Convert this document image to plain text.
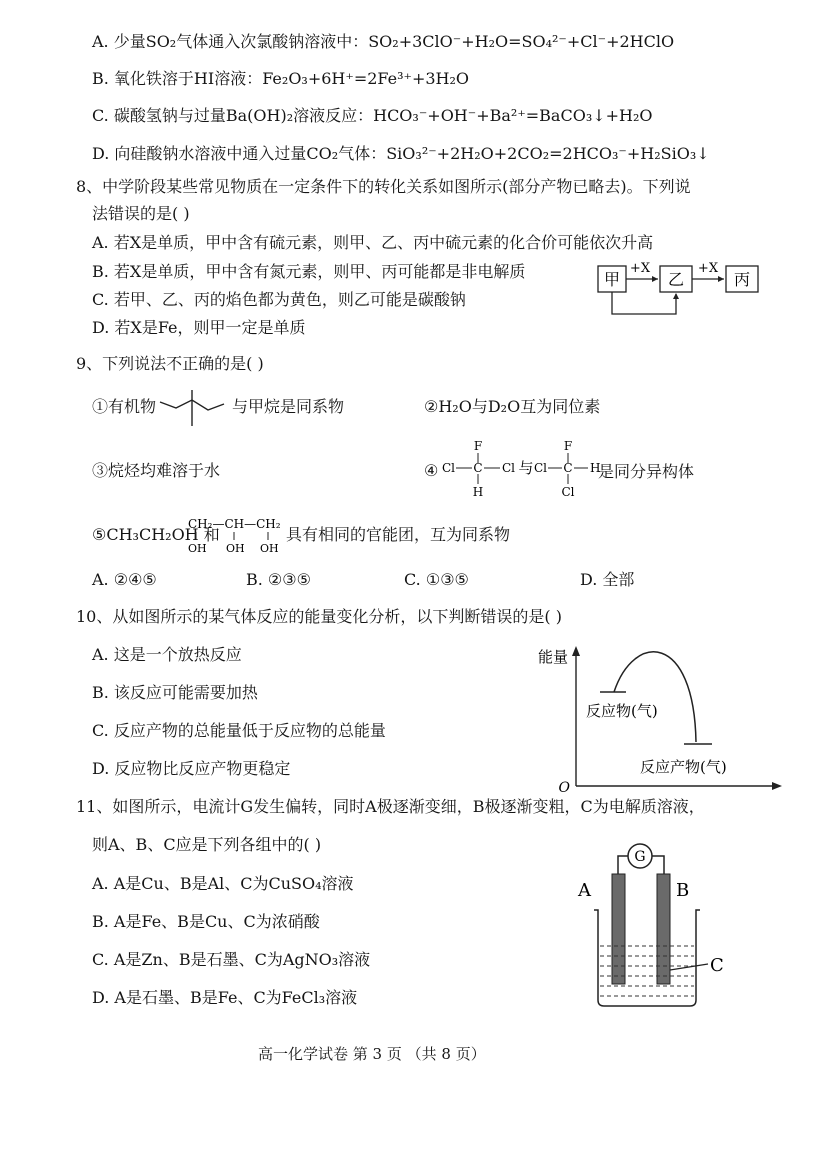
A. 少量SO₂气体通入次氯酸钠溶液中：SO₂+3ClO⁻+H₂O=SO₄²⁻+Cl⁻+2HClO
B. 氧化铁溶于HI溶液：Fe₂O₃+6H⁺=2Fe³⁺+3H₂O
C. 碳酸氢钠与过量Ba(OH)₂溶液反应：HCO₃⁻+OH⁻+Ba²⁺=BaCO₃↓+H₂O
D. 向硅酸钠水溶液中通入过量CO₂气体：SiO₃²⁻+2H₂O+2CO₂=2HCO₃⁻+H₂SiO₃↓
8、中学阶段某些常见物质在一定条件下的转化关系如图所示(部分产物已略去)。下列说
法错误的是( )
A. 若X是单质，甲中含有硫元素，则甲、乙、丙中硫元素的化合价可能依次升高
B. 若X是单质，甲中含有氮元素，则甲、丙可能都是非电解质
C. 若甲、乙、丙的焰色都为黄色，则乙可能是碳酸钠
D. 若X是Fe，则甲一定是单质
甲	乙	丙
+X	+X
9、下列说法不正确的是( )
①有机物	与甲烷是同系物	②H₂O与D₂O互为同位素
③烷烃均难溶于水	④
F
Cl C Cl
H
与
F
Cl C H
Cl
是同分异构体
⑤CH₃CH₂OH 和
CH₂—CH—CH₂
OH OH OH
具有相同的官能团，互为同系物
A. ②④⑤	B. ②③⑤	C. ①③⑤	D. 全部
10、从如图所示的某气体反应的能量变化分析，以下判断错误的是( )
A. 这是一个放热反应
B. 该反应可能需要加热
C. 反应产物的总能量低于反应物的总能量
D. 反应物比反应产物更稳定
能量
O
反应物(气)
反应产物(气)
11、如图所示，电流计G发生偏转，同时A极逐渐变细，B极逐渐变粗，C为电解质溶液，
则A、B、C应是下列各组中的( )
A. A是Cu、B是Al、C为CuSO₄溶液
B. A是Fe、B是Cu、C为浓硝酸
C. A是Zn、B是石墨、C为AgNO₃溶液
D. A是石墨、B是Fe、C为FeCl₃溶液
G
A	B
C
高一化学试卷 第 3 页 （共 8 页）
